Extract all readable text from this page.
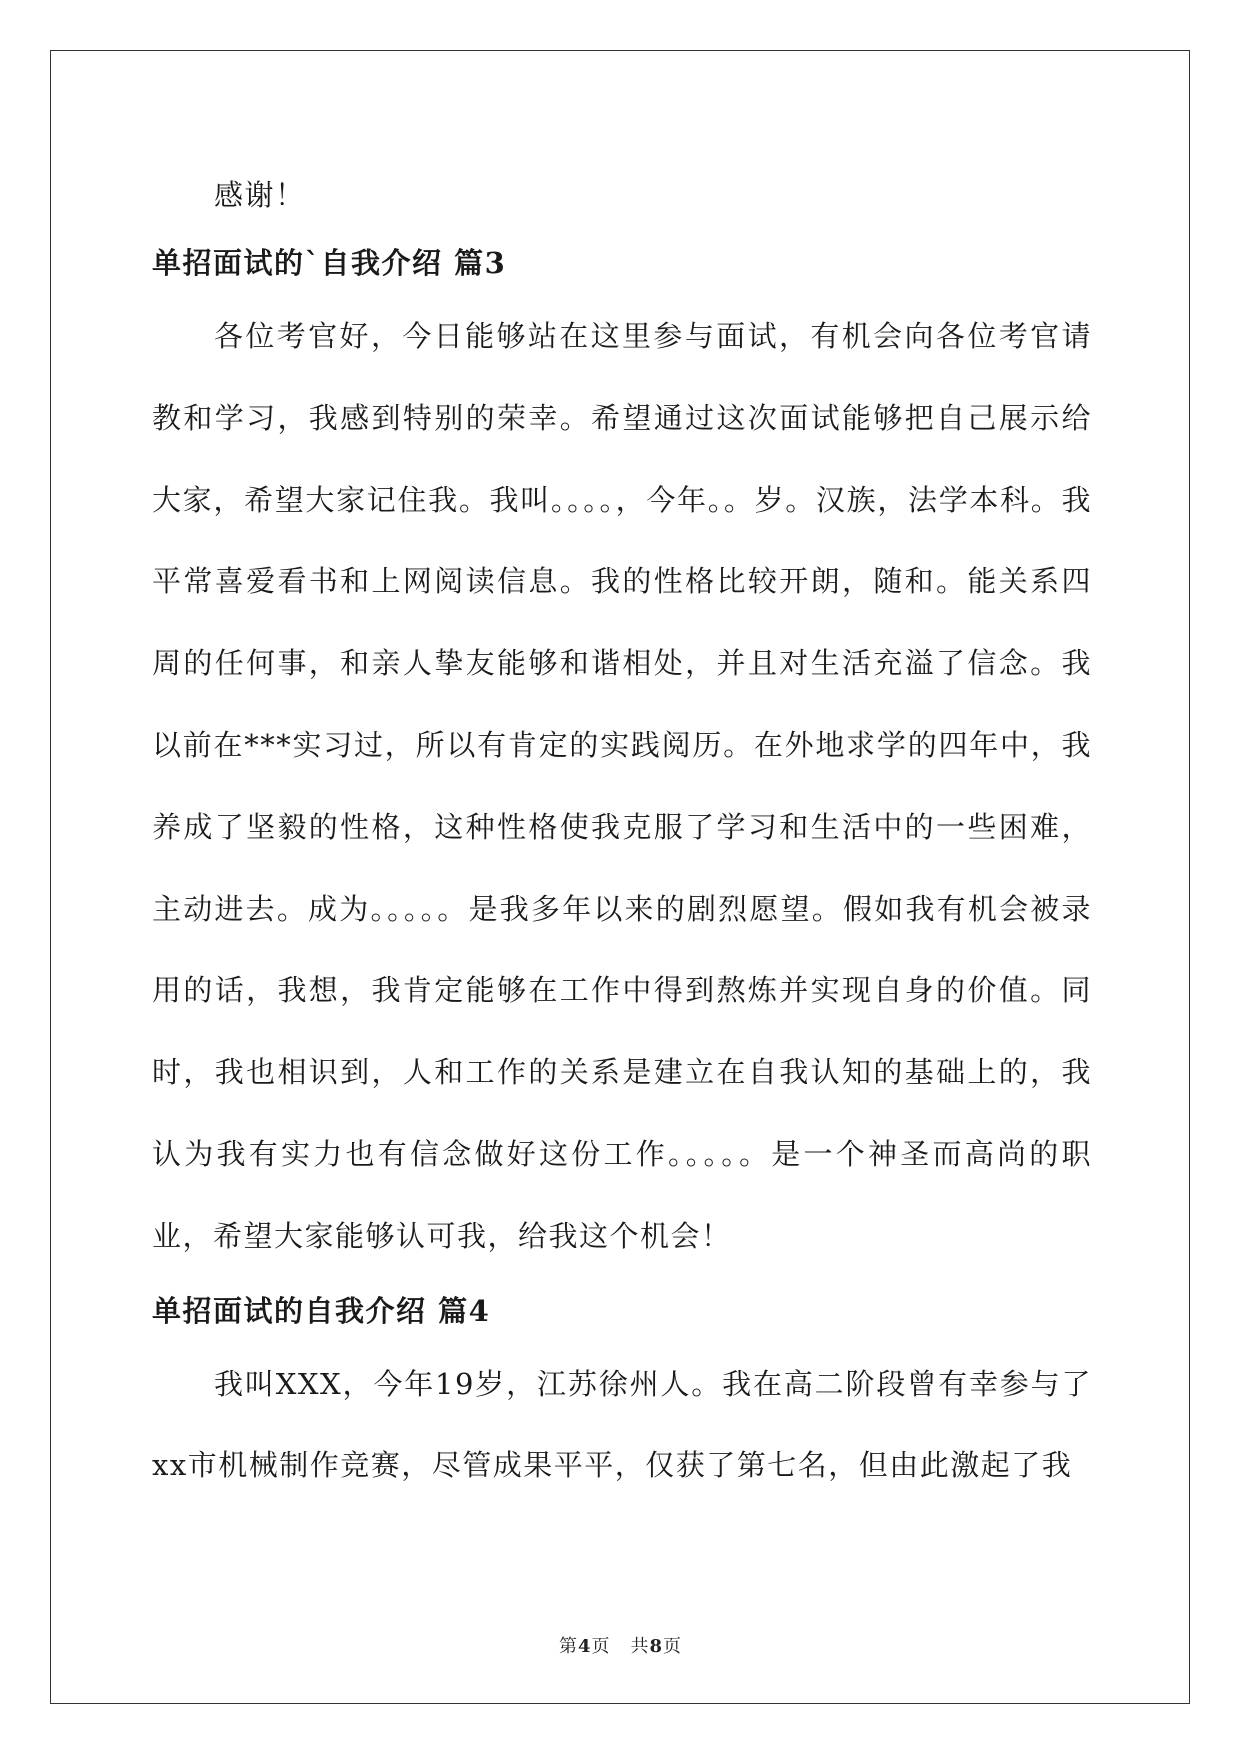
感谢！

单招面试的`自我介绍 篇3

各位考官好，今日能够站在这里参与面试，有机会向各位考官请教和学习，我感到特别的荣幸。希望通过这次面试能够把自己展示给大家，希望大家记住我。我叫。。。。，今年。。岁。汉族，法学本科。我平常喜爱看书和上网阅读信息。我的性格比较开朗，随和。能关系四周的任何事，和亲人挚友能够和谐相处，并且对生活充溢了信念。我以前在***实习过，所以有肯定的实践阅历。在外地求学的四年中，我养成了坚毅的性格，这种性格使我克服了学习和生活中的一些困难，主动进去。成为。。。。。是我多年以来的剧烈愿望。假如我有机会被录用的话，我想，我肯定能够在工作中得到熬炼并实现自身的价值。同时，我也相识到，人和工作的关系是建立在自我认知的基础上的，我认为我有实力也有信念做好这份工作。。。。。是一个神圣而高尚的职业，希望大家能够认可我，给我这个机会！

单招面试的自我介绍 篇4

我叫XXX，今年19岁，江苏徐州人。我在高二阶段曾有幸参与了xx市机械制作竞赛，尽管成果平平，仅获了第七名，但由此激起了我

第4页 共8页
